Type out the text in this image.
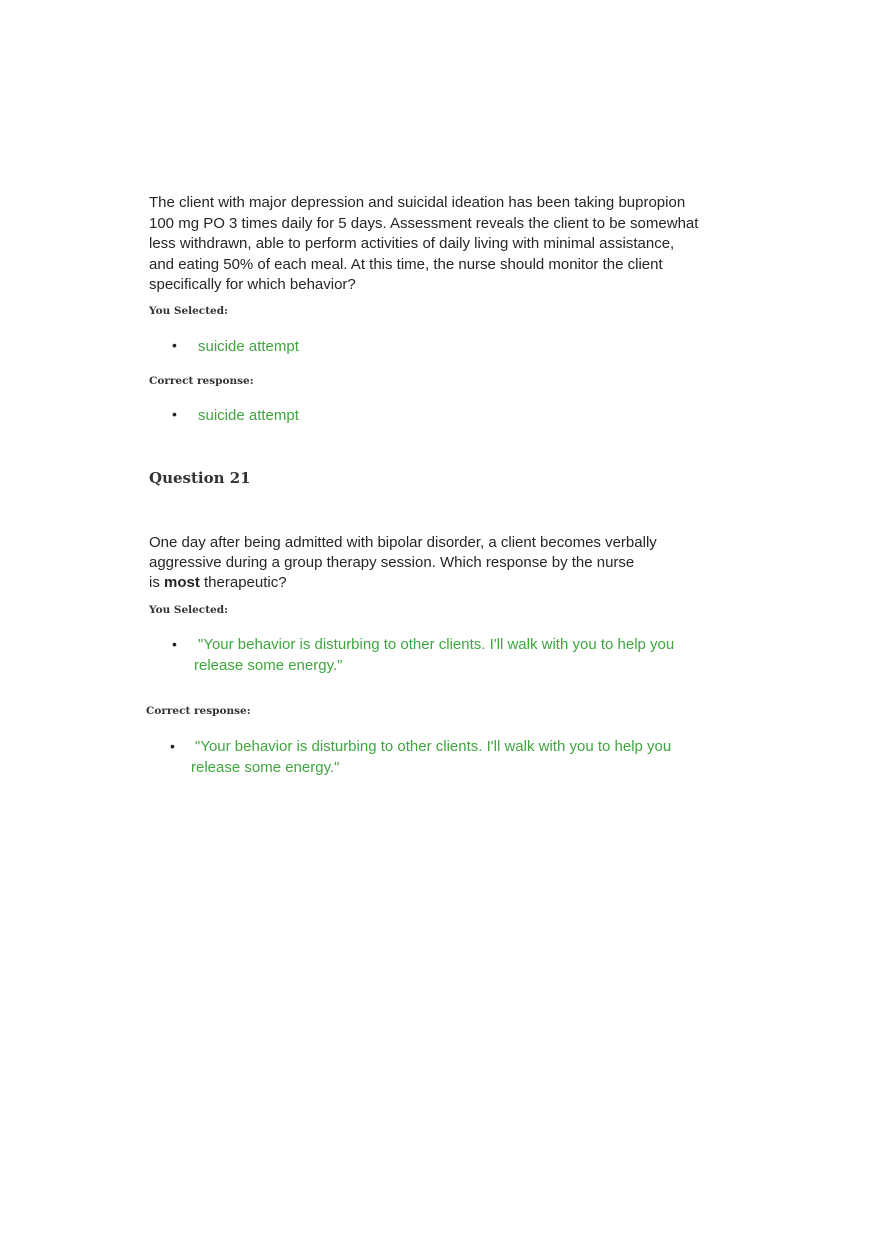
The client with major depression and suicidal ideation has been taking bupropion
100 mg PO 3 times daily for 5 days. Assessment reveals the client to be somewhat
less withdrawn, able to perform activities of daily living with minimal assistance,
and eating 50% of each meal. At this time, the nurse should monitor the client
specifically for which behavior?
You Selected:
• suicide attempt
Correct response:
• suicide attempt
Question 21
One day after being admitted with bipolar disorder, a client becomes verbally
aggressive during a group therapy session. Which response by the nurse
is most therapeutic?
You Selected:
• "Your behavior is disturbing to other clients. I'll walk with you to help you
release some energy."
Correct response:
• "Your behavior is disturbing to other clients. I'll walk with you to help you
release some energy."
